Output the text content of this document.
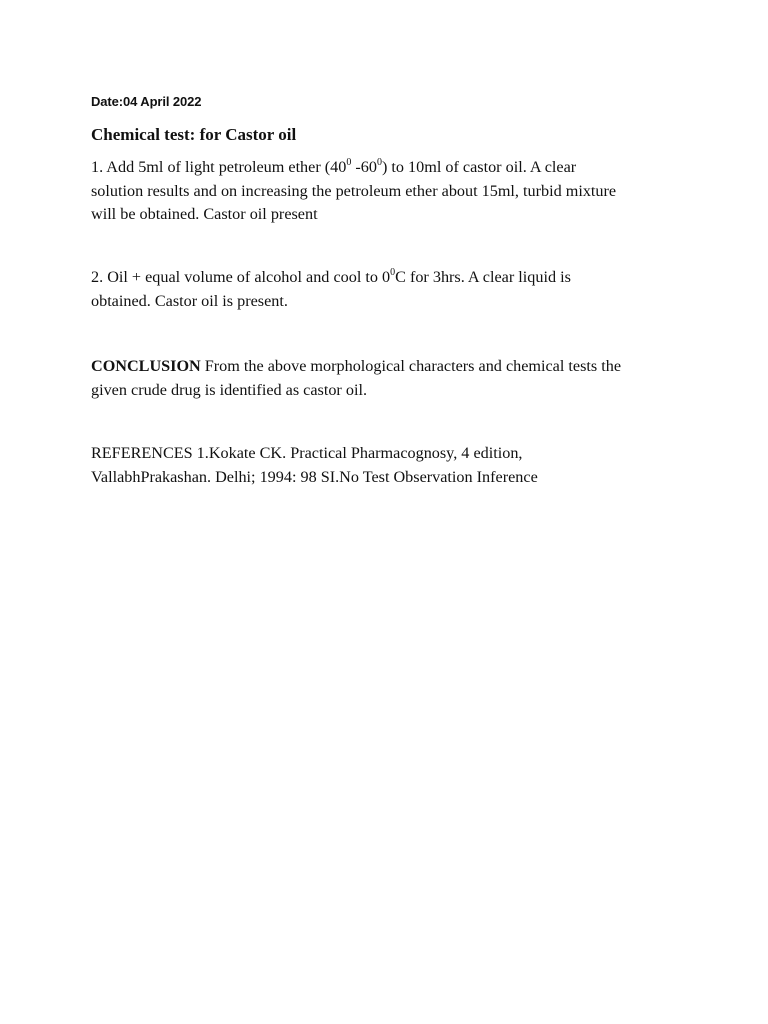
Date:04 April 2022
Chemical test: for Castor oil

1. Add 5ml of light petroleum ether ($40^0$ $-60^0$) to 10ml of castor oil. A clear
solution results and on increasing the petroleum ether about 15ml, turbid mixture
will be obtained. Castor oil present

2. Oil + equal volume of alcohol and cool to $0^0C$ for 3hrs. A clear liquid is
obtained. Castor oil is present.

CONCLUSION From the above morphological characters and chemical tests the
given crude drug is identified as castor oil.

REFERENCES 1.Kokate CK. Practical Pharmacognosy, 4 edition,
VallabhPrakashan. Delhi; 1994: 98 SI.No Test Observation Inference
